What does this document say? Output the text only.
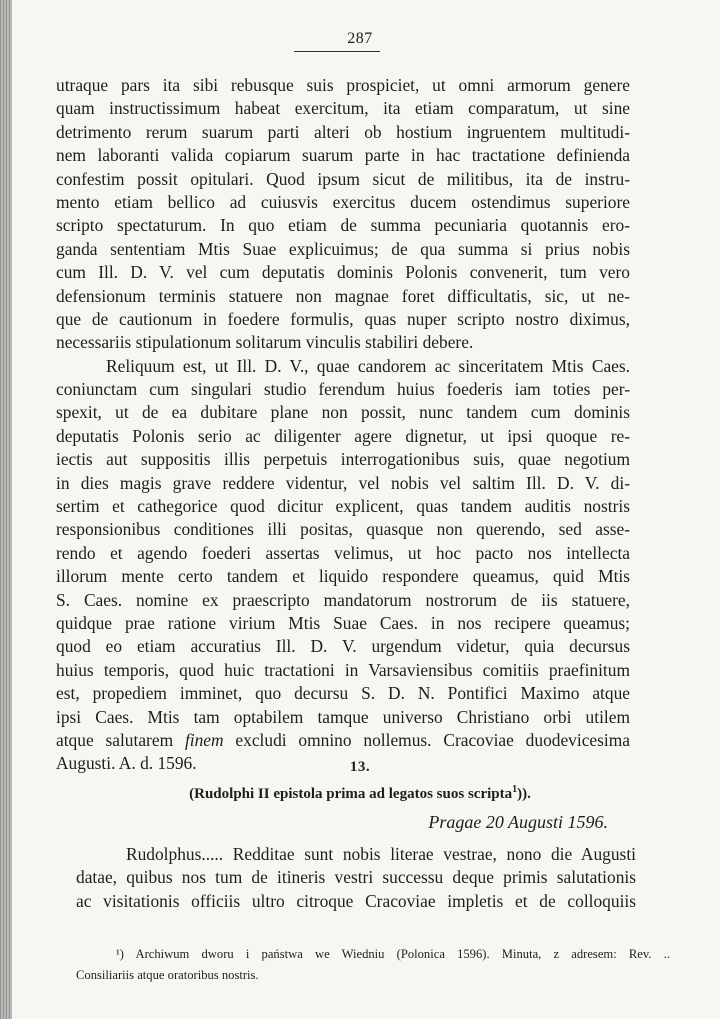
287
utraque pars ita sibi rebusque suis prospiciet, ut omni armorum genere
quam instructissimum habeat exercitum, ita etiam comparatum, ut sine
detrimento rerum suarum parti alteri ob hostium ingruentem multitudi-
nem laboranti valida copiarum suarum parte in hac tractatione definienda
confestim possit opitulari. Quod ipsum sicut de militibus, ita de instru-
mento etiam bellico ad cuiusvis exercitus ducem ostendimus superiore
scripto spectaturum. In quo etiam de summa pecuniaria quotannis ero-
ganda sententiam Mtis Suae explicuimus; de qua summa si prius nobis
cum Ill. D. V. vel cum deputatis dominis Polonis convenerit, tum vero
defensionum terminis statuere non magnae foret difficultatis, sic, ut ne-
que de cautionum in foedere formulis, quas nuper scripto nostro diximus,
necessariis stipulationum solitarum vinculis stabiliri debere.
Reliquum est, ut Ill. D. V., quae candorem ac sinceritatem Mtis Caes.
coniunctam cum singulari studio ferendum huius foederis iam toties per-
spexit, ut de ea dubitare plane non possit, nunc tandem cum dominis
deputatis Polonis serio ac diligenter agere dignetur, ut ipsi quoque re-
iectis aut suppositis illis perpetuis interrogationibus suis, quae negotium
in dies magis grave reddere videntur, vel nobis vel saltim Ill. D. V. di-
sertim et cathegorice quod dicitur explicent, quas tandem auditis nostris
responsionibus conditiones illi positas, quasque non querendo, sed asse-
rendo et agendo foederi assertas velimus, ut hoc pacto nos intellecta
illorum mente certo tandem et liquido respondere queamus, quid Mtis
S. Caes. nomine ex praescripto mandatorum nostrorum de iis statuere,
quidque prae ratione virium Mtis Suae Caes. in nos recipere queamus;
quod eo etiam accuratius Ill. D. V. urgendum videtur, quia decursus
huius temporis, quod huic tractationi in Varsaviensibus comitiis praefinitum
est, propediem imminet, quo decursu S. D. N. Pontifici Maximo atque
ipsi Caes. Mtis tam optabilem tamque universo Christiano orbi utilem
atque salutarem finem excludi omnino nollemus. Cracoviae duodevicesima
Augusti. A. d. 1596.	13.
(Rudolphi II epistola prima ad legatos suos scripta$^1$)).
Pragae 20 Augusti 1596.
Rudolphus..... Redditae sunt nobis literae vestrae, nono die Augusti
datae, quibus nos tum de itineris vestri successu deque primis salutationis
ac visitationis officiis ultro citroque Cracoviae impletis et de colloquiis
¹) Archiwum dworu i państwa we Wiedniu (Polonica 1596). Minuta, z adresem: Rev. ..
Consiliariis atque oratoribus nostris.
